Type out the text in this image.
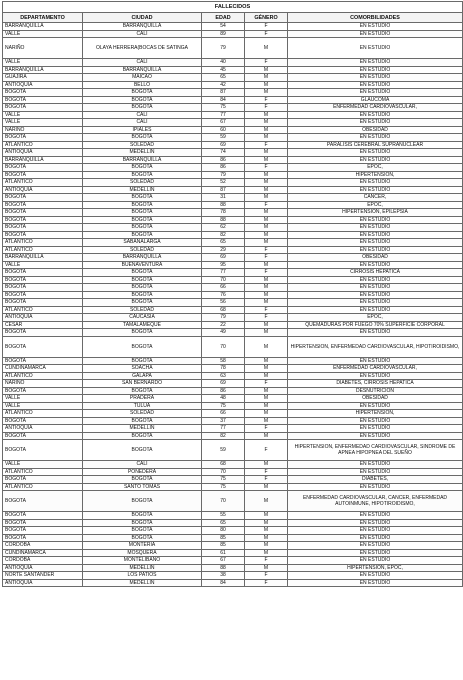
FALLECIDOS				
DEPARTAMENTO	CIUDAD	EDAD	GÉNERO	COMORBILIDADES
BARRANQUILLA	BARRANQUILLA	54	F	EN ESTUDIO
VALLE	CALI	89	F	EN ESTUDIO
NARIÑO	OLAYA HERRERA(BOCAS DE SATINGA	79	M	EN ESTUDIO
VALLE	CALI	40	F	EN ESTUDIO
BARRANQUILLA	BARRANQUILLA	45	M	EN ESTUDIO
GUAJIRA	MAICAO	65	M	EN ESTUDIO
ANTIOQUIA	BELLO	42	M	EN ESTUDIO
BOGOTA	BOGOTA	87	M	EN ESTUDIO
BOGOTA	BOGOTA	84	F	GLAUCOMA
BOGOTA	BOGOTA	75	F	ENFERMEDAD CARDIOVASCULAR,
VALLE	CALI	77	M	EN ESTUDIO
VALLE	CALI	67	M	EN ESTUDIO
NARIÑO	IPIALES	60	M	OBESIDAD
BOGOTA	BOGOTA	59	M	EN ESTUDIO
ATLANTICO	SOLEDAD	69	F	PARALISIS CEREBRAL SUPRANUCLEAR
ANTIOQUIA	MEDELLIN	74	M	EN ESTUDIO
BARRANQUILLA	BARRANQUILLA	86	M	EN ESTUDIO
BOGOTA	BOGOTA	86	F	EPOC,
BOGOTA	BOGOTA	79	M	HIPERTENSION,
ATLANTICO	SOLEDAD	52	M	EN ESTUDIO
ANTIOQUIA	MEDELLIN	87	M	EN ESTUDIO
BOGOTA	BOGOTA	31	M	CANCER,
BOGOTA	BOGOTA	88	F	EPOC,
BOGOTA	BOGOTA	78	M	HIPERTENSION, EPILEPSIA
BOGOTA	BOGOTA	88	M	EN ESTUDIO
BOGOTA	BOGOTA	62	M	EN ESTUDIO
BOGOTA	BOGOTA	82	M	EN ESTUDIO
ATLANTICO	SABANALARGA	65	M	EN ESTUDIO
ATLANTICO	SOLEDAD	29	F	EN ESTUDIO
BARRANQUILLA	BARRANQUILLA	69	F	OBESIDAD
VALLE	BUENAVENTURA	95	M	EN ESTUDIO
BOGOTA	BOGOTA	77	F	CIRROSIS HEPATICA
BOGOTA	BOGOTA	70	M	EN ESTUDIO
BOGOTA	BOGOTA	66	M	EN ESTUDIO
BOGOTA	BOGOTA	76	M	EN ESTUDIO
BOGOTA	BOGOTA	56	M	EN ESTUDIO
ATLANTICO	SOLEDAD	68	F	EN ESTUDIO
ANTIOQUIA	CAUCASIA	79	F	EPOC,
CESAR	TAMALAMEQUE	22	M	QUEMADURAS POR FUEGO 70% SUPERFICIE CORPORAL
BOGOTA	BOGOTA	49	M	EN ESTUDIO
BOGOTA	BOGOTA	70	M	HIPERTENSION, ENFERMEDAD CARDIOVASCULAR, HIPOTIROIDISMO,
BOGOTA	BOGOTA	58	M	EN ESTUDIO
CUNDINAMARCA	SOACHA	78	M	ENFERMEDAD CARDIOVASCULAR,
ATLANTICO	GALAPA	63	M	EN ESTUDIO
NARIÑO	SAN BERNARDO	69	F	DIABETES, CIRROSIS HEPATICA
BOGOTA	BOGOTA	86	M	DESNUTRICIÓN
VALLE	PRADERA	48	M	OBESIDAD
VALLE	TULUA	75	M	EN ESTUDIO
ATLANTICO	SOLEDAD	66	M	HIPERTENSION,
BOGOTA	BOGOTA	37	M	EN ESTUDIO
ANTIOQUIA	MEDELLIN	77	F	EN ESTUDIO
BOGOTA	BOGOTA	82	M	EN ESTUDIO
BOGOTA	BOGOTA	59	F	HIPERTENSION, ENFERMEDAD CARDIOVASCULAR, SINDROME DE APNEA HIPOPNEA DEL SUEÑO
VALLE	CALI	68	M	EN ESTUDIO
ATLANTICO	PONEDERA	70	F	EN ESTUDIO
BOGOTA	BOGOTA	75	F	DIABETES,
ATLANTICO	SANTO TOMAS	75	M	EN ESTUDIO
BOGOTA	BOGOTA	70	M	ENFERMEDAD CARDIOVASCULAR, CANCER, ENFERMEDAD AUTOINMUNE, HIPOTIROIDISMO,
BOGOTA	BOGOTA	55	M	EN ESTUDIO
BOGOTA	BOGOTA	65	M	EN ESTUDIO
BOGOTA	BOGOTA	80	M	EN ESTUDIO
BOGOTA	BOGOTA	85	M	EN ESTUDIO
CORDOBA	MONTERIA	85	M	EN ESTUDIO
CUNDINAMARCA	MOSQUERA	61	M	EN ESTUDIO
CORDOBA	MONTELIBANO	67	F	EN ESTUDIO
ANTIOQUIA	MEDELLIN	88	M	HIPERTENSION, EPOC,
NORTE SANTANDER	LOS PATIOS	38	F	EN ESTUDIO
ANTIOQUIA	MEDELLIN	84	F	EN ESTUDIO
